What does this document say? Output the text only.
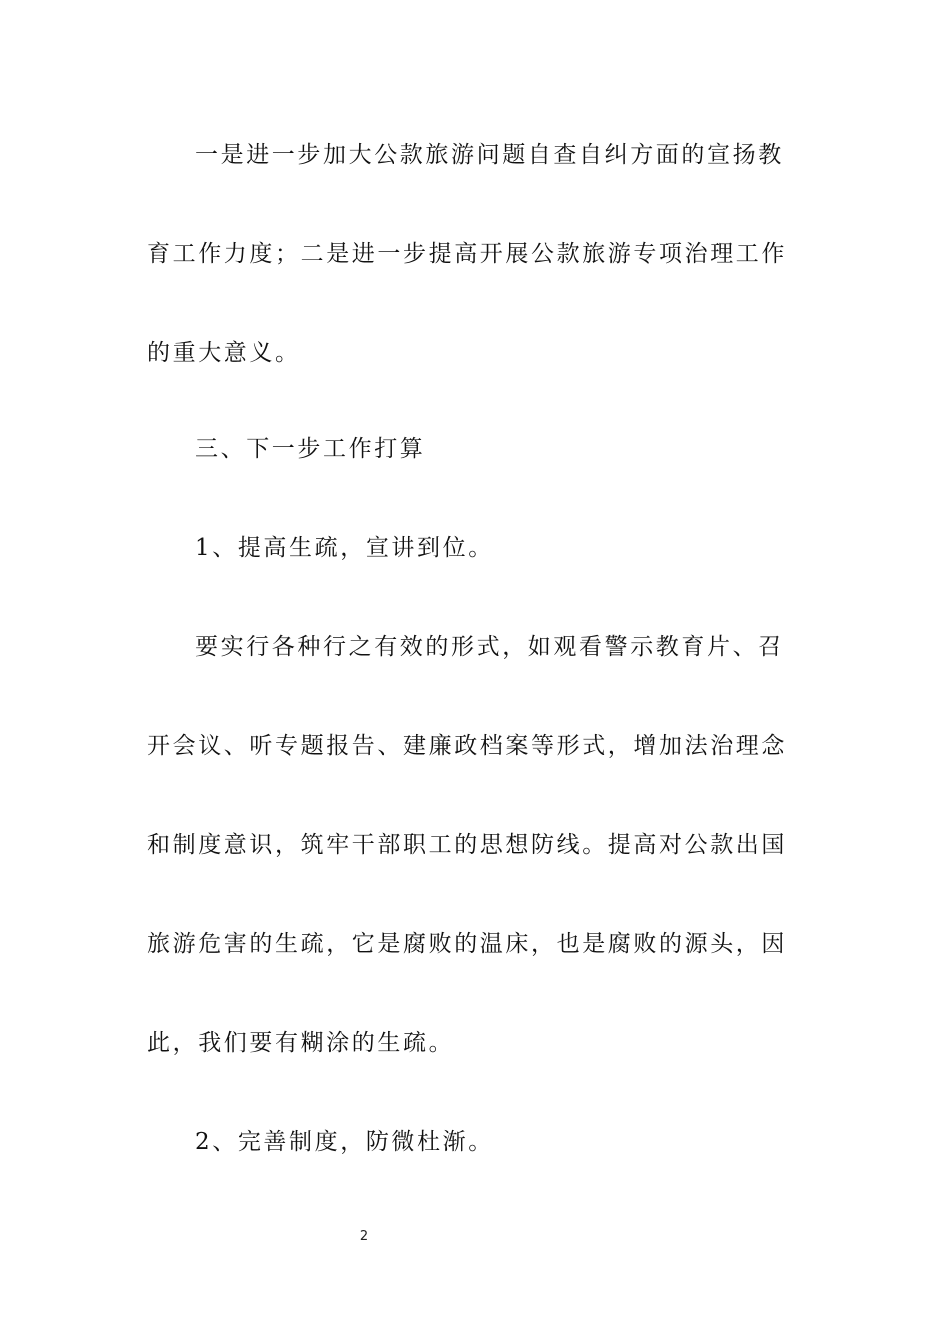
一是进一步加大公款旅游问题自查自纠方面的宣扬教育工作力度；二是进一步提高开展公款旅游专项治理工作的重大意义。

三、下一步工作打算

1、提高生疏，宣讲到位。

要实行各种行之有效的形式，如观看警示教育片、召开会议、听专题报告、建廉政档案等形式，增加法治理念和制度意识，筑牢干部职工的思想防线。提高对公款出国旅游危害的生疏，它是腐败的温床，也是腐败的源头，因此，我们要有糊涂的生疏。

2、完善制度，防微杜渐。

2
